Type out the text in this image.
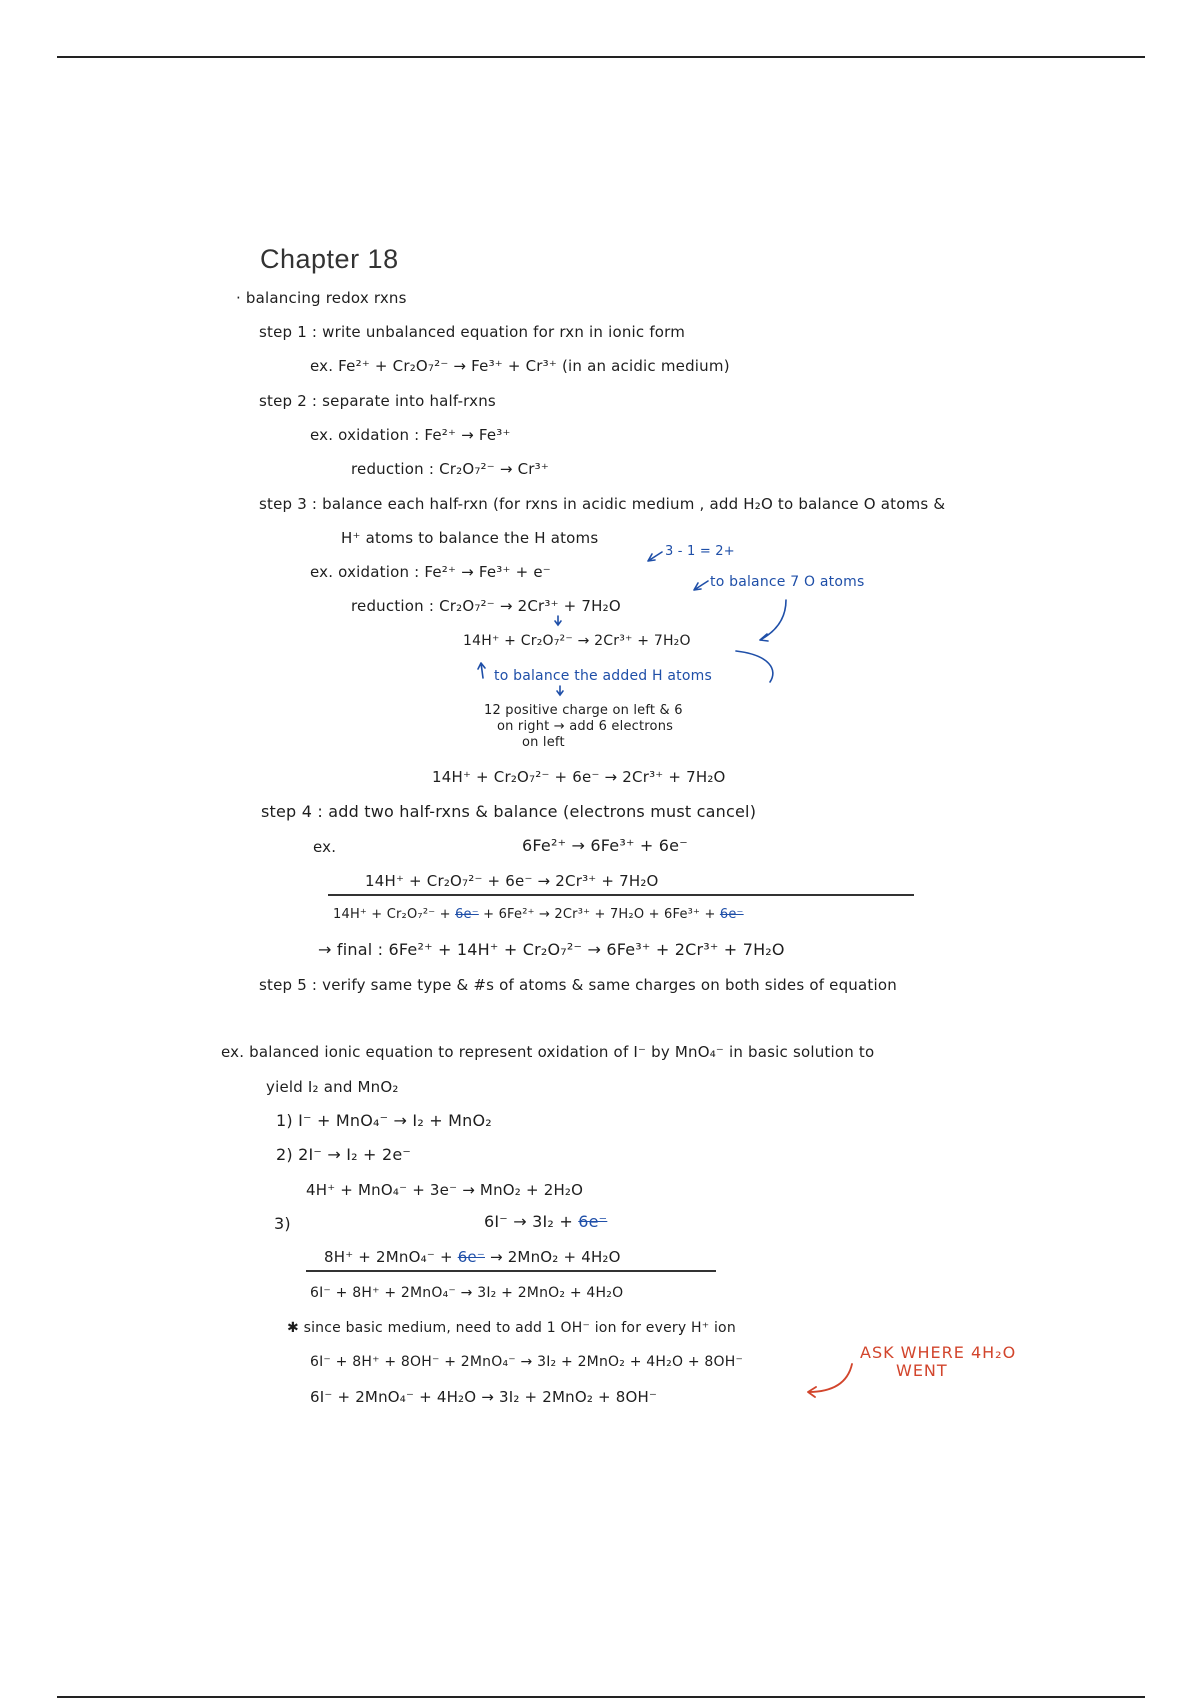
Chapter 18
· balancing redox rxns
step 1 : write unbalanced equation for rxn in ionic form
ex. Fe²⁺ + Cr₂O₇²⁻ → Fe³⁺ + Cr³⁺ (in an acidic medium)
step 2 : separate into half-rxns
ex. oxidation : Fe²⁺ → Fe³⁺
reduction : Cr₂O₇²⁻ → Cr³⁺
step 3 : balance each half-rxn (for rxns in acidic medium , add H₂O to balance O atoms &
H⁺ atoms to balance the H atoms
ex. oxidation : Fe²⁺ → Fe³⁺ + e⁻
3 - 1 = 2+
to balance 7 O atoms
reduction : Cr₂O₇²⁻ → 2Cr³⁺ + 7H₂O
14H⁺ + Cr₂O₇²⁻ → 2Cr³⁺ + 7H₂O
to balance the added H atoms
12 positive charge on left & 6
on right → add 6 electrons
on left
14H⁺ + Cr₂O₇²⁻ + 6e⁻ → 2Cr³⁺ + 7H₂O
step 4 : add two half-rxns & balance (electrons must cancel)
ex.	6Fe²⁺ → 6Fe³⁺ + 6e⁻
14H⁺ + Cr₂O₇²⁻ + 6e⁻ → 2Cr³⁺ + 7H₂O
14H⁺ + Cr₂O₇²⁻ + 6e⁻ + 6Fe²⁺ → 2Cr³⁺ + 7H₂O + 6Fe³⁺ + 6e⁻
→ final : 6Fe²⁺ + 14H⁺ + Cr₂O₇²⁻ → 6Fe³⁺ + 2Cr³⁺ + 7H₂O
step 5 : verify same type & #s of atoms & same charges on both sides of equation
ex. balanced ionic equation to represent oxidation of I⁻ by MnO₄⁻ in basic solution to
yield I₂ and MnO₂
1) I⁻ + MnO₄⁻ → I₂ + MnO₂
2) 2I⁻ → I₂ + 2e⁻
4H⁺ + MnO₄⁻ + 3e⁻ → MnO₂ + 2H₂O
3)	6I⁻ → 3I₂ + 6e⁻
8H⁺ + 2MnO₄⁻ + 6e⁻ → 2MnO₂ + 4H₂O
6I⁻ + 8H⁺ + 2MnO₄⁻ → 3I₂ + 2MnO₂ + 4H₂O
✱ since basic medium, need to add 1 OH⁻ ion for every H⁺ ion
6I⁻ + 8H⁺ + 8OH⁻ + 2MnO₄⁻ → 3I₂ + 2MnO₂ + 4H₂O + 8OH⁻
6I⁻ + 2MnO₄⁻ + 4H₂O → 3I₂ + 2MnO₂ + 8OH⁻
ASK WHERE 4H₂O
WENT
